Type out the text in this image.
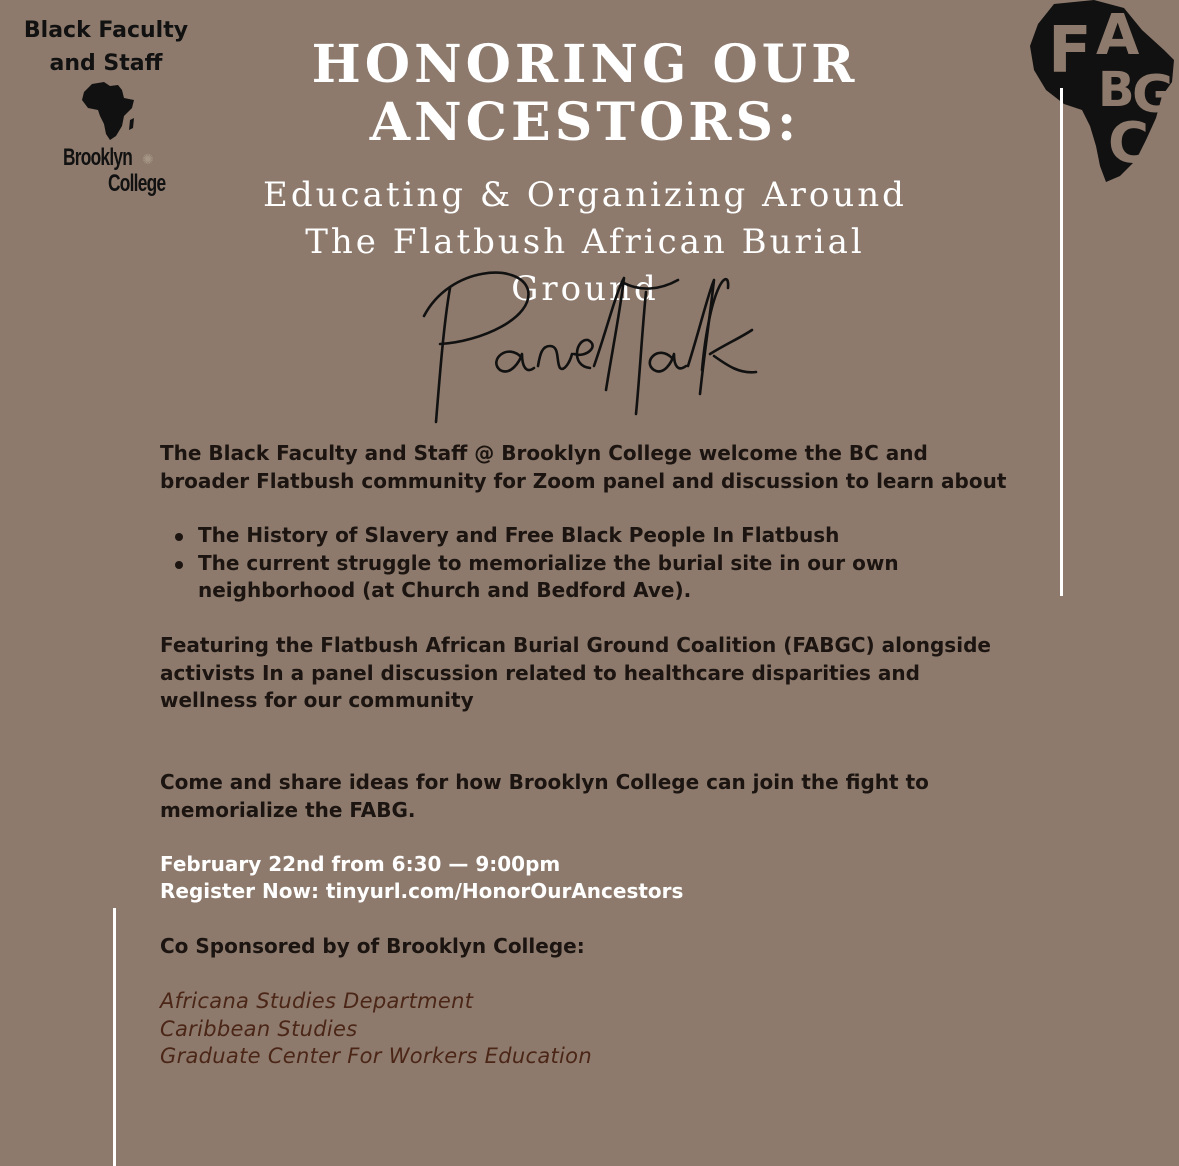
Black Faculty
and Staff
Brooklyn
College
✺
F A
B
G
C
HONORING OUR
ANCESTORS:
Educating & Organizing Around
The Flatbush African Burial Ground
Panel talk
The Black Faculty and Staff @ Brooklyn College welcome the BC and broader Flatbush community for Zoom panel and discussion to learn about
The History of Slavery and Free Black People In Flatbush
The current struggle to memorialize the burial site in our own neighborhood (at Church and Bedford Ave).
Featuring the Flatbush African Burial Ground Coalition (FABGC) alongside activists In a panel discussion related to healthcare disparities and wellness for our community
Come and share ideas for how Brooklyn College can join the fight to memorialize the FABG.
February 22nd from 6:30 — 9:00pm
Register Now: tinyurl.com/HonorOurAncestors
Co Sponsored by of Brooklyn College:
Africana Studies Department
Caribbean Studies
Graduate Center For Workers Education
